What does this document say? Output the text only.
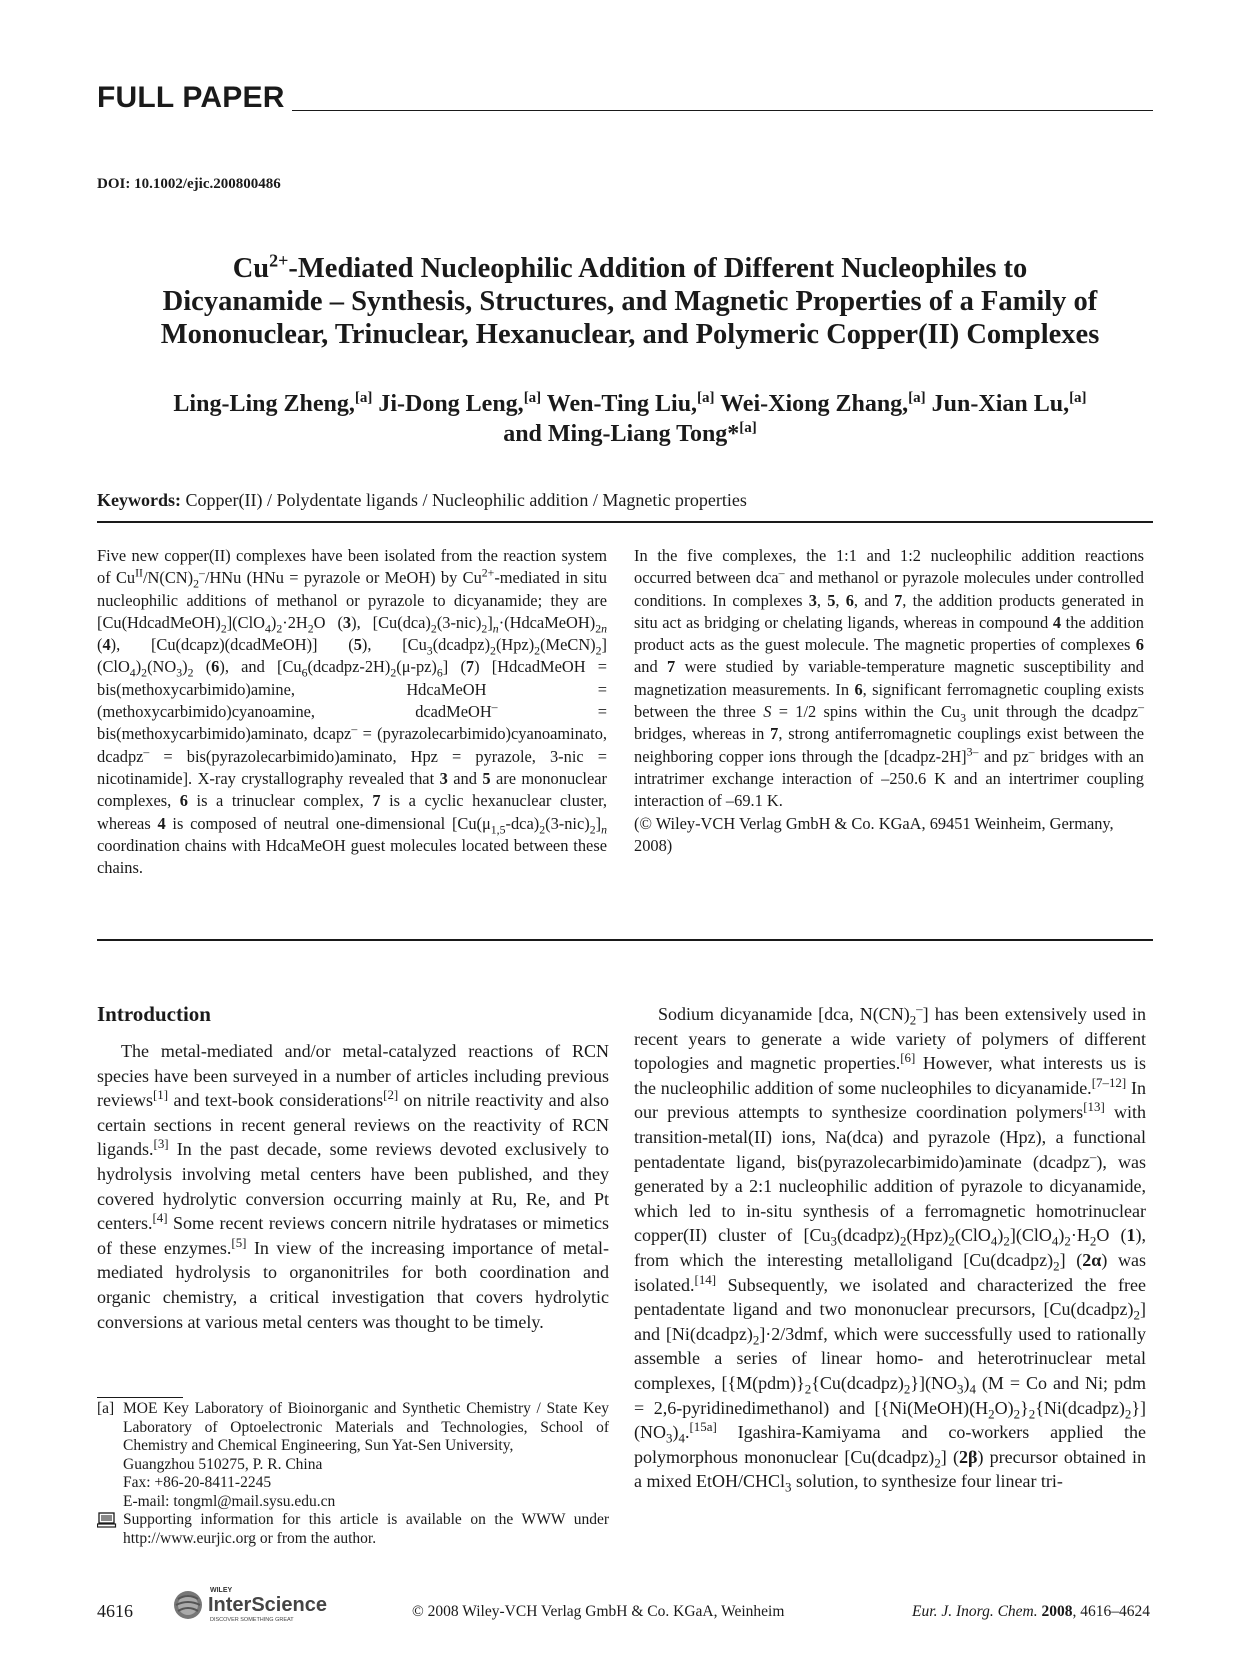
FULL PAPER
DOI: 10.1002/ejic.200800486
$Cu^{2+}$-Mediated Nucleophilic Addition of Different Nucleophiles to
Dicyanamide – Synthesis, Structures, and Magnetic Properties of a Family of
Mononuclear, Trinuclear, Hexanuclear, and Polymeric Copper(II) Complexes
Ling-Ling Zheng,[a] Ji-Dong Leng,[a] Wen-Ting Liu,[a] Wei-Xiong Zhang,[a] Jun-Xian Lu,[a]
and Ming-Liang Tong*[a]
Keywords: Copper(II) / Polydentate ligands / Nucleophilic addition / Magnetic properties
Five new copper(II) complexes have been isolated from the reaction system of $Cu^{II}/N(CN)_2^-$/HNu (HNu = pyrazole or MeOH) by $Cu^{2+}$-mediated in situ nucleophilic additions of methanol or pyrazole to dicyanamide; they are $[Cu(HdcadMeOH)_2](ClO_4)_2\cdot 2H_2O$ (3), $[Cu(dca)_2(3-nic)_2]_n\cdot(HdcaMeOH)_{2n}$ (4), [Cu(dcapz)(dcadMeOH)] (5), $[Cu_3(dcadpz)_2(Hpz)_2(MeCN)_2](ClO_4)_2(NO_3)_2$ (6), and $[Cu_6(dcadpz-2H)_2(\mu-pz)_6]$ (7) [HdcadMeOH = bis(methoxycarbimido)amine, HdcaMeOH = (methoxycarbimido)cyanoamine, dcadMeOH– = bis(methoxycarbimido)aminato, dcapz– = (pyrazolecarbimido)cyanoaminato, dcadpz– = bis(pyrazolecarbimido)aminato, Hpz = pyrazole, 3-nic = nicotinamide]. X-ray crystallography revealed that 3 and 5 are mononuclear complexes, 6 is a trinuclear complex, 7 is a cyclic hexanuclear cluster, whereas 4 is composed of neutral one-dimensional $[Cu(\mu_{1,5}-dca)_2(3-nic)_2]_n$ coordination chains with HdcaMeOH guest molecules located between these chains.
In the five complexes, the 1:1 and 1:2 nucleophilic addition reactions occurred between dca– and methanol or pyrazole molecules under controlled conditions. In complexes 3, 5, 6, and 7, the addition products generated in situ act as bridging or chelating ligands, whereas in compound 4 the addition product acts as the guest molecule. The magnetic properties of complexes 6 and 7 were studied by variable-temperature magnetic susceptibility and magnetization measurements. In 6, significant ferromagnetic coupling exists between the three S = 1/2 spins within the $Cu_3$ unit through the dcadpz– bridges, whereas in 7, strong antiferromagnetic couplings exist between the neighboring copper ions through the [dcadpz-2H]$^{3-}$ and pz– bridges with an intratrimer exchange interaction of –250.6 K and an intertrimer coupling interaction of –69.1 K.
(© Wiley-VCH Verlag GmbH & Co. KGaA, 69451 Weinheim, Germany, 2008)
Introduction

The metal-mediated and/or metal-catalyzed reactions of RCN species have been surveyed in a number of articles including previous reviews[1] and text-book considerations[2] on nitrile reactivity and also certain sections in recent general reviews on the reactivity of RCN ligands.[3] In the past decade, some reviews devoted exclusively to hydrolysis involving metal centers have been published, and they covered hydrolytic conversion occurring mainly at Ru, Re, and Pt centers.[4] Some recent reviews concern nitrile hydratases or mimetics of these enzymes.[5] In view of the increasing importance of metal-mediated hydrolysis to organonitriles for both coordination and organic chemistry, a critical investigation that covers hydrolytic conversions at various metal centers was thought to be timely.

Sodium dicyanamide [dca, $N(CN)_2^-$] has been extensively used in recent years to generate a wide variety of polymers of different topologies and magnetic properties.[6] However, what interests us is the nucleophilic addition of some nucleophiles to dicyanamide.[7–12] In our previous attempts to synthesize coordination polymers[13] with transition-metal(II) ions, Na(dca) and pyrazole (Hpz), a functional pentadentate ligand, bis(pyrazolecarbimido)aminate (dcadpz–), was generated by a 2:1 nucleophilic addition of pyrazole to dicyanamide, which led to in-situ synthesis of a ferromagnetic homotrinuclear copper(II) cluster of $[Cu_3(dcadpz)_2(Hpz)_2(ClO_4)_2](ClO_4)_2\cdot H_2O$ (1), from which the interesting metalloligand $[Cu(dcadpz)_2]$ (2α) was isolated.[14] Subsequently, we isolated and characterized the free pentadentate ligand and two mononuclear precursors, $[Cu(dcadpz)_2]$ and $[Ni(dcadpz)_2]\cdot 2/3dmf$, which were successfully used to rationally assemble a series of linear homo- and heterotrinuclear metal complexes, $[\{M(pdm)\}_2\{Cu(dcadpz)_2\}](NO_3)_4$ (M = Co and Ni; pdm = 2,6-pyridinedimethanol) and $[\{Ni(MeOH)(H_2O)_2\}_2\{Ni(dcadpz)_2\}](NO_3)_4.[15a]$ Igashira-Kamiyama and co-workers applied the polymorphous mononuclear $[Cu(dcadpz)_2]$ (2β) precursor obtained in a mixed EtOH/CHCl$_3$ solution, to synthesize four linear tri-

[a] MOE Key Laboratory of Bioinorganic and Synthetic Chemistry / State Key Laboratory of Optoelectronic Materials and Technologies, School of Chemistry and Chemical Engineering, Sun Yat-Sen University,
Guangzhou 510275, P. R. China
Fax: +86-20-8411-2245
E-mail: tongml@mail.sysu.edu.cn
Supporting information for this article is available on the WWW under http://www.eurjic.org or from the author.
4616
WILEY
InterScience
DISCOVER SOMETHING GREAT	© 2008 Wiley-VCH Verlag GmbH & Co. KGaA, Weinheim	Eur. J. Inorg. Chem. 2008, 4616–4624
